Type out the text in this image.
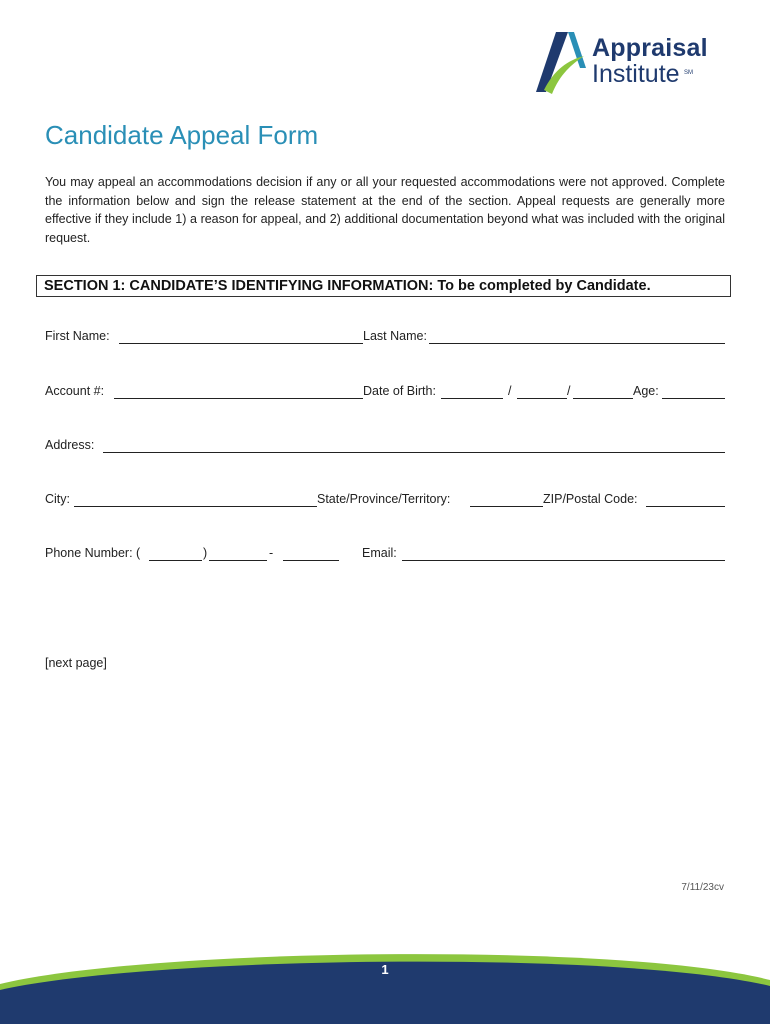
Appraisal
Institute SM
Candidate Appeal Form
You may appeal an accommodations decision if any or all your requested accommodations were not approved. Complete the information below and sign the release statement at the end of the section. Appeal requests are generally more effective if they include 1) a reason for appeal, and 2) additional documentation beyond what was included with the original request.
SECTION 1: CANDIDATE’S IDENTIFYING INFORMATION: To be completed by Candidate.
First Name:	Last Name:
Account #:	Date of Birth:	/	/	Age:
Address:
City:	State/Province/Territory:	ZIP/Postal Code:
Phone Number: (	)	-	Email:
[next page]
7/11/23cv
1
